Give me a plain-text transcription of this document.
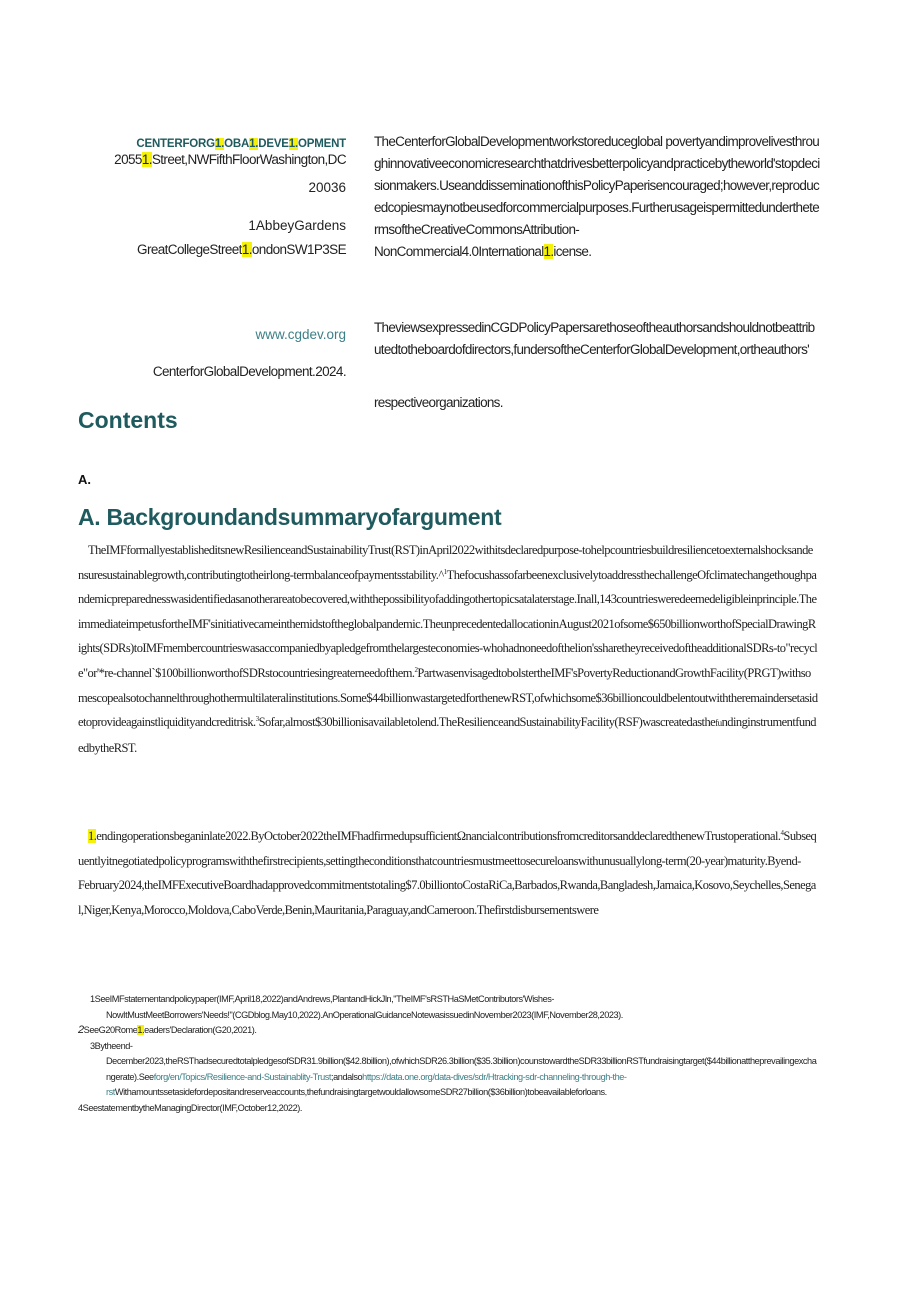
CENTERFORG1.OBA1.DEVE1.OPMENT
20551.Street,NWFifthFloorWashington,DC
20036
1AbbeyGardens
GreatCollegeStreet1.ondonSW1P3SE
www.cgdev.org
CenterforGlobalDevelopment.2024.
TheCenterforGlobalDevelopmentworkstoreduceglobal povertyandimprovelivesthroughinnovativeeconomicresearchthatdrivesbetterpolicyandpracticebytheworld'stopdecisionmakers.UseanddisseminationofthisPolicyPaperisencouraged;however,reproducedcopiesmaynotbeusedforcommercialpurposes.FurtherusageispermittedunderthetermsoftheCreativeCommonsAttribution-
NonCommercial4.0International1.icense.
TheviewsexpressedinCGDPolicyPapersarethoseoftheauthorsandshouldnotbeattributedtotheboardofdirectors,fundersoftheCenterforGlobalDevelopment,ortheauthors'
respectiveorganizations.
Contents
A.
A. Backgroundandsummaryofargument
TheIMFformallyestablisheditsnewResilienceandSustainabilityTrust(RST)inApril2022withitsdeclaredpurpose-tohelpcountriesbuildresiliencetoexternalshocksandensuresustainablegrowth,contributingtotheirlong-termbalanceofpaymentsstability.^$^1$ThefocushassofarbeenexclusivelytoaddressthechallengeOfclimatechangethoughpandemicpreparednesswasidentifiedasanotherareatobecovered,withthepossibilityofaddingothertopicsatalaterstage.Inall,143countriesweredeemedeligibleinprinciple.TheimmediateimpetusfortheIMF'sinitiativecameinthemidstoftheglobalpandemic.TheunprecedentedallocationinAugust2021ofsome$650billionworthofSpecialDrawingRights(SDRs)toIMFmembercountrieswasaccompaniedbyapledgefromthelargesteconomies-whohadnoneedofthelion'ssharetheyreceivedoftheadditionalSDRs-to"recycle"or'*re-channel`$100billionworthofSDRstocountriesingreaterneedofthem.$^2$PartwasenvisagedtobolstertheIMF'sPovertyReductionandGrowthFacility(PRGT)withsomescopealsotochannelthroughothermultilateralinstitutions.Some$44billionwastargetedforthenewRST,ofwhichsome$36billioncouldbelentoutwiththeremaindersetasidetoprovideagainstliquidityandcreditrisk.$^3$Sofar,almost$30billionisavailabletolend.TheResilienceandSustainabilityFacility(RSF)wascreatedasthefundinginstrumentfundedbytheRST.
1.endingoperationsbeganinlate2022.ByOctober2022theIMFhadfirmedupsufficientΩnancialcontributionsfromcreditorsanddeclaredthenewTrustoperational.$^4$Subsequentlyitnegotiatedpolicyprogramswiththefirstrecipients,settingtheconditionsthatcountriesmustmeettosecureloanswithunusuallylong-term(20-year)maturity.Byend-
February2024,theIMFExecutiveBoardhadapprovedcommitmentstotaling$7.0billiontoCostaRiCa,Barbados,Rwanda,Bangladesh,Jamaica,Kosovo,Seychelles,Senegal,Niger,Kenya,Morocco,Moldova,CaboVerde,Benin,Mauritania,Paraguay,andCameroon.Thefirstdisbursementswere
1SeeIMFstatementandpolicypaper(IMF,April18,2022)andAndrews,PlantandHickJln,"TheIMF'sRSTHaSMetContributors'Wishes-
NowItMustMeetBorrowers'Needs!"(CGDblog.May10,2022).AnOperationalGuidanceNotewasissuedinNovember2023(IMF,November28,2023).
2SeeG20Rome1.eaders'Declaration(G20,2021).
3Bytheend-
December2023,theRSThadsecuredtotalpledgesofSDR31.9billion($42.8billion),ofwhichSDR26.3billion($35.3billion)counstowardtheSDR33billionRSTfundraisingtarget($44billionattheprevailingexchangerate).Seeforg/en/Topics/Resilience-and-Sustainablity-Trust;andalsohttps://data.one.org/data-dives/sdr/Htracking-sdr-channeling-through-the-
rstWithamountssetasidefordepositandreserveaccounts,thefundraisingtargetwouldallowsomeSDR27billion($36billion)tobeavailableforloans.
4SeestatementbytheManagingDirector(IMF,October12,2022).
